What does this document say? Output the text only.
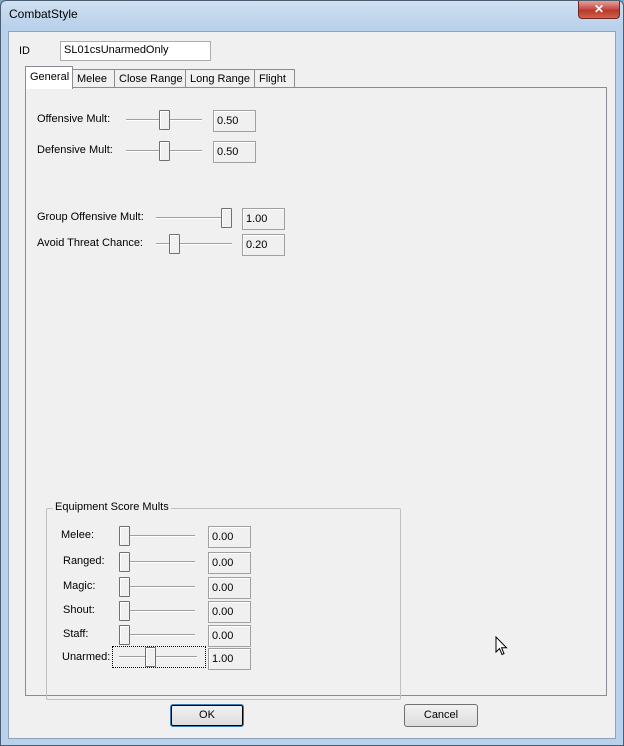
CombatStyle	✕
ID	SL01csUnarmedOnly
General Melee	Close Range Long Range Flight
Offensive Mult:	0.50
Defensive Mult:	0.50
Group Offensive Mult:	1.00
Avoid Threat Chance:	0.20
Equipment Score Mults
Melee:	0.00
Ranged:	0.00
Magic:	0.00
Shout:	0.00
Staff:	0.00
Unarmed:	1.00
OK	Cancel
